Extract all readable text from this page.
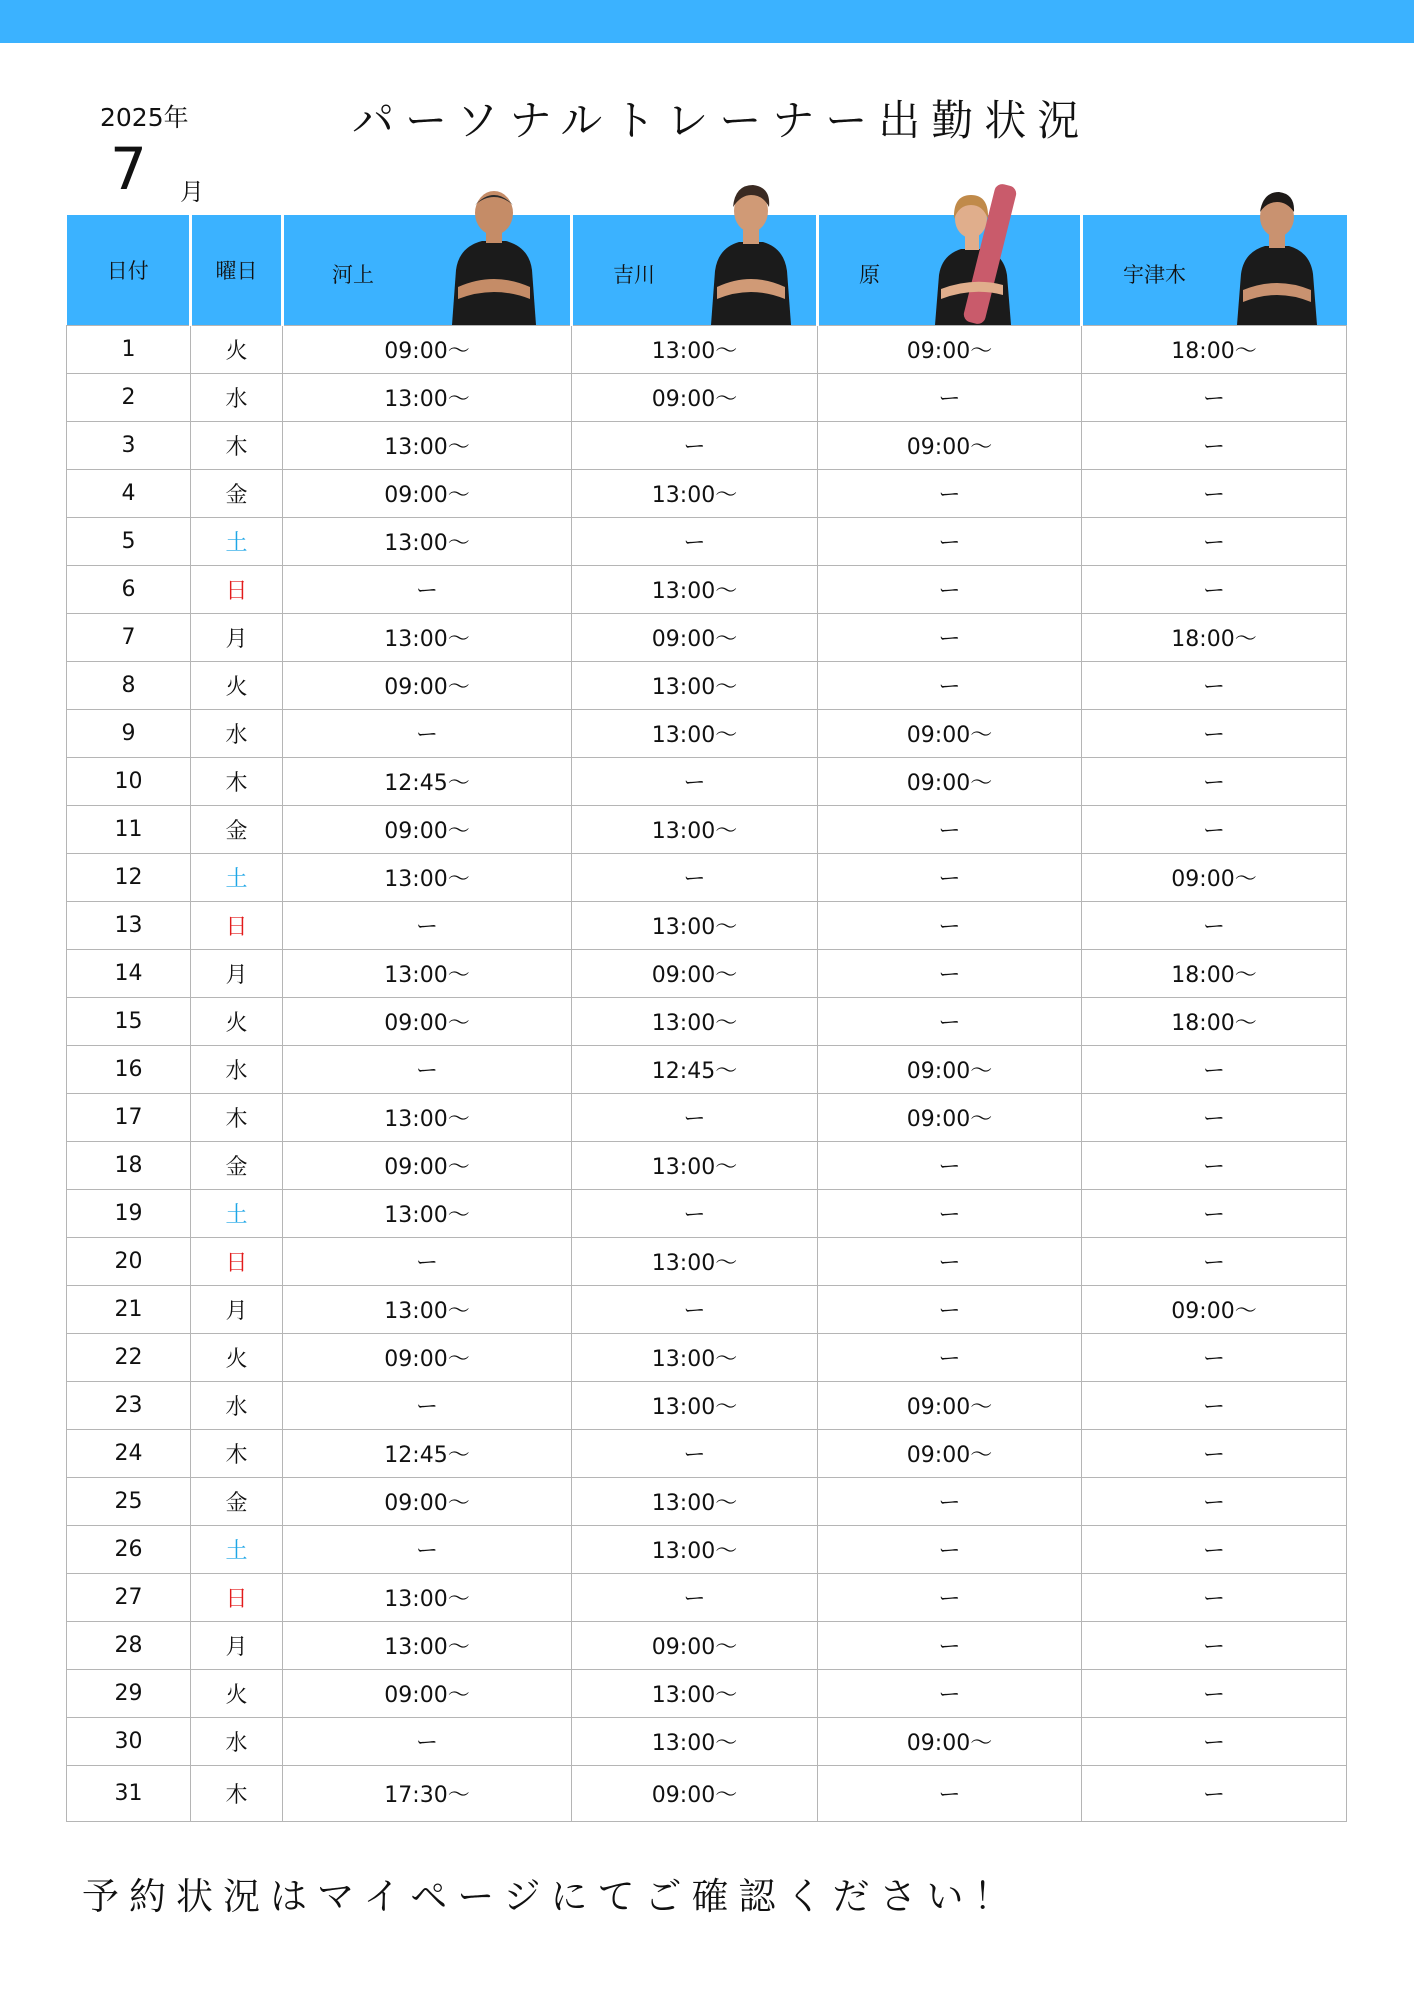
2025年
7 月
パーソナルトレーナー出勤状況
日付	曜日	河上	吉川	原	宇津木

1	火	09:00～	13:00～	09:00～	18:00～
2	水	13:00～	09:00～	ー	ー
3	木	13:00～	ー	09:00～	ー
4	金	09:00～	13:00～	ー	ー
5	土	13:00～	ー	ー	ー
6	日	ー	13:00～	ー	ー
7	月	13:00～	09:00～	ー	18:00～
8	火	09:00～	13:00～	ー	ー
9	水	ー	13:00～	09:00～	ー
10	木	12:45～	ー	09:00～	ー
11	金	09:00～	13:00～	ー	ー
12	土	13:00～	ー	ー	09:00～
13	日	ー	13:00～	ー	ー
14	月	13:00～	09:00～	ー	18:00～
15	火	09:00～	13:00～	ー	18:00～
16	水	ー	12:45～	09:00～	ー
17	木	13:00～	ー	09:00～	ー
18	金	09:00～	13:00～	ー	ー
19	土	13:00～	ー	ー	ー
20	日	ー	13:00～	ー	ー
21	月	13:00～	ー	ー	09:00～
22	火	09:00～	13:00～	ー	ー
23	水	ー	13:00～	09:00～	ー
24	木	12:45～	ー	09:00～	ー
25	金	09:00～	13:00～	ー	ー
26	土	ー	13:00～	ー	ー
27	日	13:00～	ー	ー	ー
28	月	13:00～	09:00～	ー	ー
29	火	09:00～	13:00～	ー	ー
30	水	ー	13:00～	09:00～	ー
31	木	17:30～	09:00～	ー	ー
予約状況はマイページにてご確認ください！
